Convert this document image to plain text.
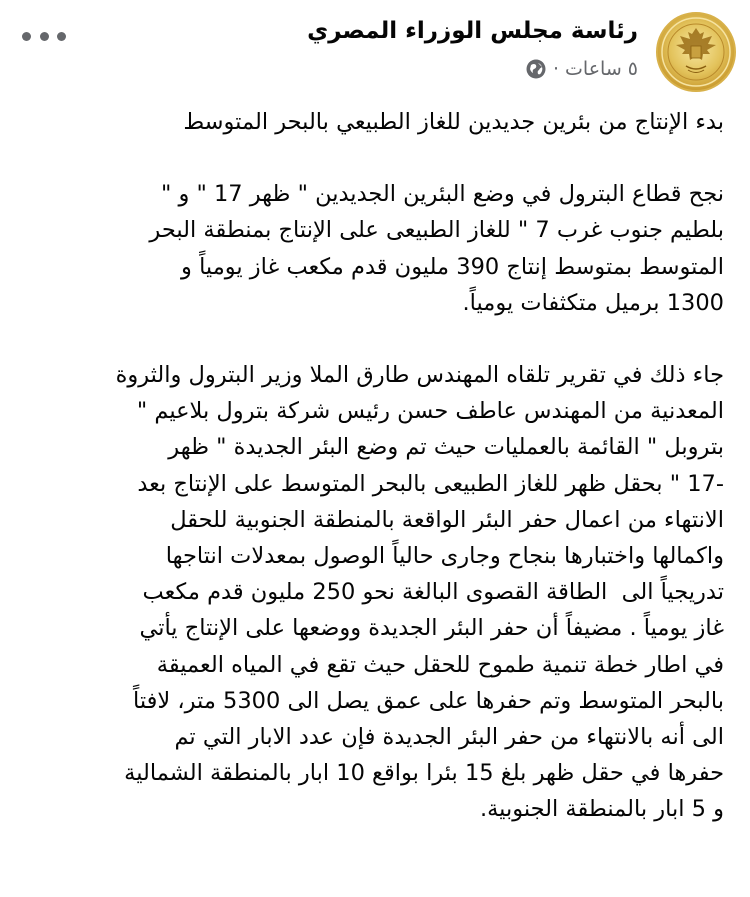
رئاسة مجلس الوزراء المصري
٥ ساعات
·

بدء الإنتاج من بئرين جديدين للغاز الطبيعي بالبحر المتوسط

نجح قطاع البترول في وضع البئرين الجديدين " ظهر 17 " و "
بلطيم جنوب غرب 7 " للغاز الطبيعى على الإنتاج بمنطقة البحر
المتوسط بمتوسط إنتاج 390 مليون قدم مكعب غاز يومياً و
1300 برميل متكثفات يومياً.

جاء ذلك في تقرير تلقاه المهندس طارق الملا وزير البترول والثروة
المعدنية من المهندس عاطف حسن رئيس شركة بترول بلاعيم "
بتروبل " القائمة بالعمليات حيث تم وضع البئر الجديدة " ظهر
-17 " بحقل ظهر للغاز الطبيعى بالبحر المتوسط على الإنتاج بعد
الانتهاء من اعمال حفر البئر الواقعة بالمنطقة الجنوبية للحقل
واكمالها واختبارها بنجاح وجارى حالياً الوصول بمعدلات انتاجها
تدريجياً الى  الطاقة القصوى البالغة نحو 250 مليون قدم مكعب
غاز يومياً . مضيفاً أن حفر البئر الجديدة ووضعها على الإنتاج يأتي
في اطار خطة تنمية طموح للحقل حيث تقع في المياه العميقة
بالبحر المتوسط وتم حفرها على عمق يصل الى 5300 متر، لافتاً
الى أنه بالانتهاء من حفر البئر الجديدة فإن عدد الابار التي تم
حفرها في حقل ظهر بلغ 15 بئرا بواقع 10 ابار بالمنطقة الشمالية
و 5 ابار بالمنطقة الجنوبية.
